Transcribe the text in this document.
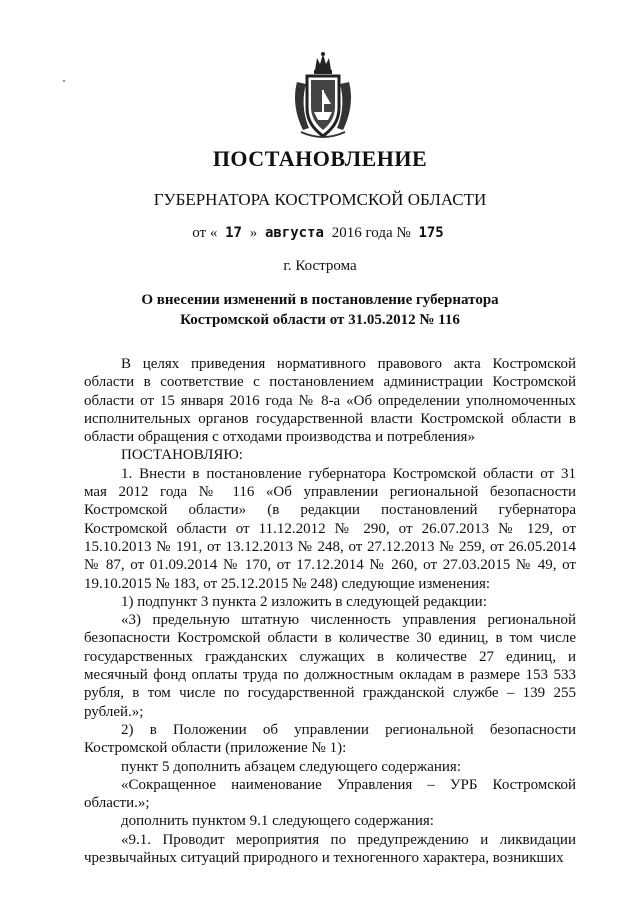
ПОСТАНОВЛЕНИЕ
ГУБЕРНАТОРА КОСТРОМСКОЙ ОБЛАСТИ
от « 17 » августа 2016 года № 175
г. Кострома
О внесении изменений в постановление губернатора
Костромской области от 31.05.2012 № 116

В целях приведения нормативного правового акта Костромской области в соответствие с постановлением администрации Костромской области от 15 января 2016 года № 8-а «Об определении уполномоченных исполнительных органов государственной власти Костромской области в области обращения с отходами производства и потребления»

ПОСТАНОВЛЯЮ:

1. Внести в постановление губернатора Костромской области от 31 мая 2012 года № 116 «Об управлении региональной безопасности Костромской области» (в редакции постановлений губернатора Костромской области от 11.12.2012 № 290, от 26.07.2013 № 129, от 15.10.2013 № 191, от 13.12.2013 № 248, от 27.12.2013 № 259, от 26.05.2014 № 87, от 01.09.2014 № 170, от 17.12.2014 № 260, от 27.03.2015 № 49, от 19.10.2015 № 183, от 25.12.2015 № 248) следующие изменения:

1) подпункт 3 пункта 2 изложить в следующей редакции:

«3) предельную штатную численность управления региональной безопасности Костромской области в количестве 30 единиц, в том числе государственных гражданских служащих в количестве 27 единиц, и месячный фонд оплаты труда по должностным окладам в размере 153 533 рубля, в том числе по государственной гражданской службе – 139 255 рублей.»;

2) в Положении об управлении региональной безопасности Костромской области (приложение № 1):

пункт 5 дополнить абзацем следующего содержания:

«Сокращенное наименование Управления – УРБ Костромской области.»;

дополнить пунктом 9.1 следующего содержания:

«9.1. Проводит мероприятия по предупреждению и ликвидации чрезвычайных ситуаций природного и техногенного характера, возникших
